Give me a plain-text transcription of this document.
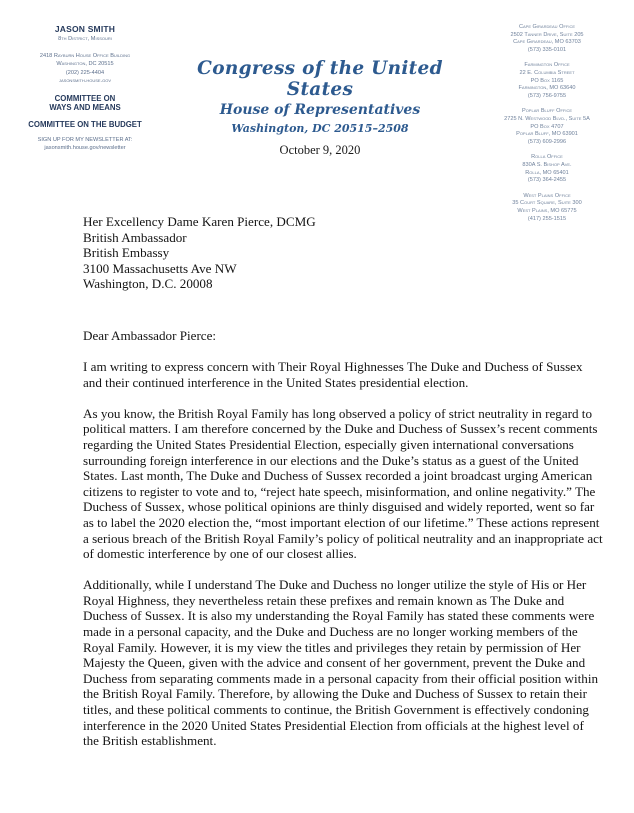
JASON SMITH
8th District, Missouri
2418 Rayburn House Office Building
Washington, DC 20515
(202) 225-4404
jasonsmith.house.gov
COMMITTEE ON
WAYS AND MEANS
COMMITTEE ON THE BUDGET
SIGN UP FOR MY NEWSLETTER AT:
jasonsmith.house.gov/newsletter
Congress of the United States
House of Representatives
Washington, DC 20515–2508
October 9, 2020
Cape Girardeau Office
2502 Tanner Drive, Suite 205
Cape Girardeau, MO 63703
(573) 335-0101
Farmington Office
22 E. Columbia Street
PO Box 1165
Farmington, MO 63640
(573) 756-9755
Poplar Bluff Office
2725 N. Westwood Blvd., Suite 5A
PO Box 4707
Poplar Bluff, MO 63901
(573) 609-2996
Rolla Office
830A S. Bishop Ave.
Rolla, MO 65401
(573) 364-2455
West Plains Office
35 Court Square, Suite 300
West Plains, MO 65775
(417) 255-1515
Her Excellency Dame Karen Pierce, DCMG
British Ambassador
British Embassy
3100 Massachusetts Ave NW
Washington, D.C. 20008
Dear Ambassador Pierce:

I am writing to express concern with Their Royal Highnesses The Duke and Duchess of Sussex and their continued interference in the United States presidential election.

As you know, the British Royal Family has long observed a policy of strict neutrality in regard to political matters. I am therefore concerned by the Duke and Duchess of Sussex’s recent comments regarding the United States Presidential Election, especially given international conversations surrounding foreign interference in our elections and the Duke’s status as a guest of the United States. Last month, The Duke and Duchess of Sussex recorded a joint broadcast urging American citizens to register to vote and to, “reject hate speech, misinformation, and online negativity.” The Duchess of Sussex, whose political opinions are thinly disguised and widely reported, went so far as to label the 2020 election the, “most important election of our lifetime.” These actions represent a serious breach of the British Royal Family’s policy of political neutrality and an inappropriate act of domestic interference by one of our closest allies.

Additionally, while I understand The Duke and Duchess no longer utilize the style of His or Her Royal Highness, they nevertheless retain these prefixes and remain known as The Duke and Duchess of Sussex. It is also my understanding the Royal Family has stated these comments were made in a personal capacity, and the Duke and Duchess are no longer working members of the Royal Family. However, it is my view the titles and privileges they retain by permission of Her Majesty the Queen, given with the advice and consent of her government, prevent the Duke and Duchess from separating comments made in a personal capacity from their official position within the British Royal Family. Therefore, by allowing the Duke and Duchess of Sussex to retain their titles, and these political comments to continue, the British Government is effectively condoning interference in the 2020 United States Presidential Election from officials at the highest level of the British establishment.
